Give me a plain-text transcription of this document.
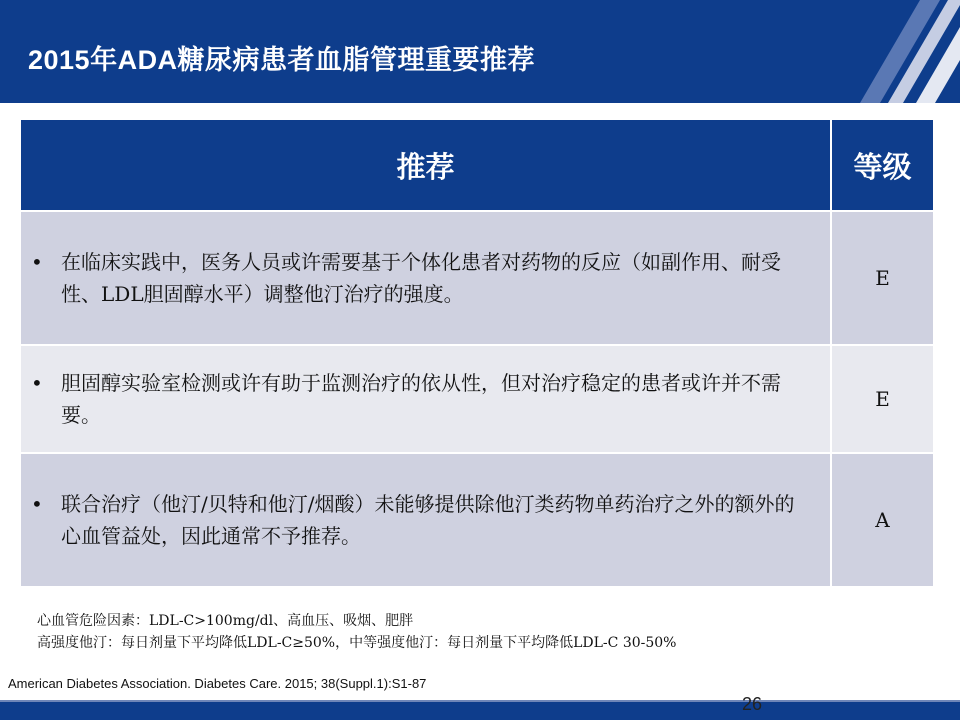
2015年ADA糖尿病患者血脂管理重要推荐
推荐	等级

• 在临床实践中，医务人员或许需要基于个体化患者对药物的反应（如副作用、耐受性、LDL胆固醇水平）调整他汀治疗的强度。	E

• 胆固醇实验室检测或许有助于监测治疗的依从性，但对治疗稳定的患者或许并不需要。	E

• 联合治疗（他汀/贝特和他汀/烟酸）未能够提供除他汀类药物单药治疗之外的额外的心血管益处，因此通常不予推荐。	A
心血管危险因素：LDL-C>100mg/dl、高血压、吸烟、肥胖
高强度他汀：每日剂量下平均降低LDL-C≥50%，中等强度他汀：每日剂量下平均降低LDL-C 30-50%
American Diabetes Association. Diabetes Care. 2015; 38(Suppl.1):S1-87
26
